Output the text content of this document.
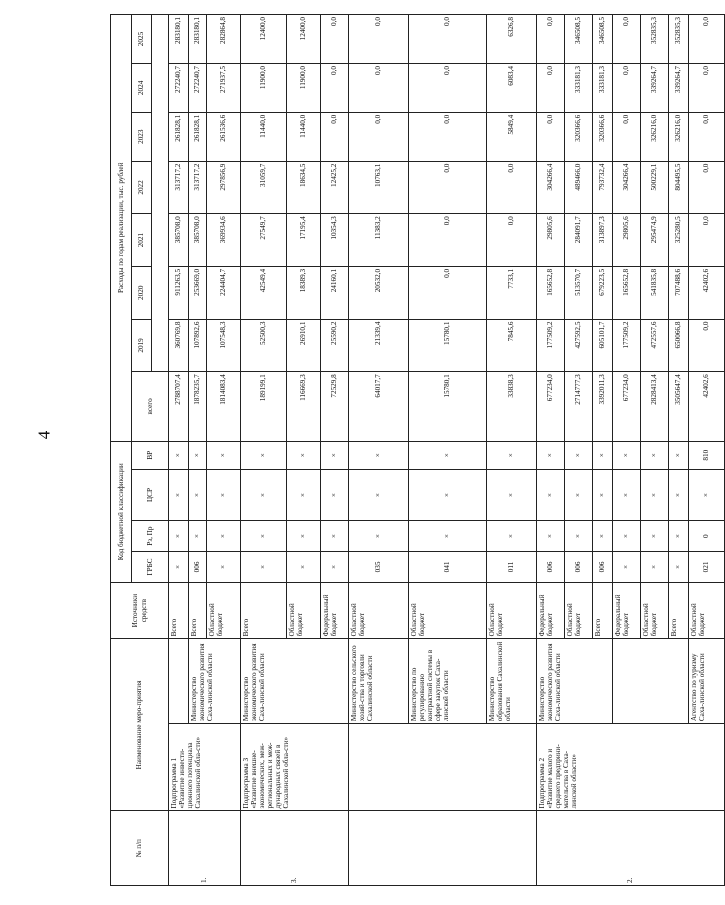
4
№ п/п	Наименование меро-приятия		Источники средств	Код бюджетной классификации				Расходы по годам реализации, тыс. рублей							
				ГРБС	Рз, Пр	ЦСР	ВР	всего	2019	2020	2021	2022	2023	2024	2025

1.	Подпрограмма 1 «Развитие инвести-ционного потенциала Сахалинской обла-сти»		Всего	×	×	×	×	2788707,4	360769,8	911263,5	385708,0	313717,2	261828,1	272240,7	283180,1
		Министерство экономического развития Саха-линской области	Всего	006	×	×	×	1878235,7	107892,6	253669,0	385708,0	313717,2	261828,1	272240,7	283180,1
			Областной бюджет	×	×	×	×	1814083,4	107548,3	224404,7	369934,6	297856,9	261536,6	271937,5	282864,8
3.	Подпрограмма 3 «Развитие внешне-экономических, меж-региональных и меж-дународных связей в Сахалинской обла-сти»	Министерство экономического развития Саха-линской области	Всего	×	×	×	×	189199,1	52500,3	42549,4	27549,7	31059,7	11440,0	11900,0	12400,0
			Областной бюджет	×	×	×	×	116669,3	26910,1	18389,3	17195,4	18634,5	11440,0	11900,0	12400,0
			Федеральный бюджет	×	×	×	×	72529,8	25590,2	24160,1	10354,3	12425,2	0,0	0,0	0,0
		Министерство сельского хозяй-ства и торговли Сахалинской области	Областной бюджет	035	×	×	×	64017,7	21339,4	20532,0	11383,2	10763,1	0,0	0,0	0,0
		Министерство по регулированию контрактной системы в сфере закупок Саха-линской области	Областной бюджет	041	×	×	×	15780,1	15780,1	0,0	0,0	0,0	0,0	0,0	0,0
		Министерство образования Сахалинской области	Областной бюджет	011	×	×	×	33838,3	7845,6	7733,1	0,0	0,0	5849,4	6083,4	6326,8
2.	Подпрограмма 2 «Развитие малого и среднего предприни-мательства в Саха-линской области»	Министерство экономического развития Саха-линской области	Федеральный бюджет	006	×	×	×	677234,0	177509,2	165652,8	29805,6	304266,4	0,0	0,0	0,0
			Областной бюджет	006	×	×	×	2714777,3	427592,5	513570,7	284091,7	489466,0	320366,6	333181,3	346508,5
			Всего	006	×	×	×	3392011,3	605101,7	679223,5	313897,3	793732,4	320366,6	333181,3	346508,5
			Федеральный бюджет	×	×	×	×	677234,0	177509,2	165652,8	29805,6	304266,4	0,0	0,0	0,0
			Областной бюджет	×	×	×	×	2828413,4	472557,6	541835,8	295474,9	500229,1	326216,0	339264,7	352835,3
			Всего	×	×	×	×	3505647,4	650066,8	707488,6	325280,5	804495,5	326216,0	339264,7	352835,3
		Агентство по туризму Саха-линской области	Областной бюджет	021	0	×	810	42402,6	0,0	42402,6	0,0	0,0	0,0	0,0	0,0
